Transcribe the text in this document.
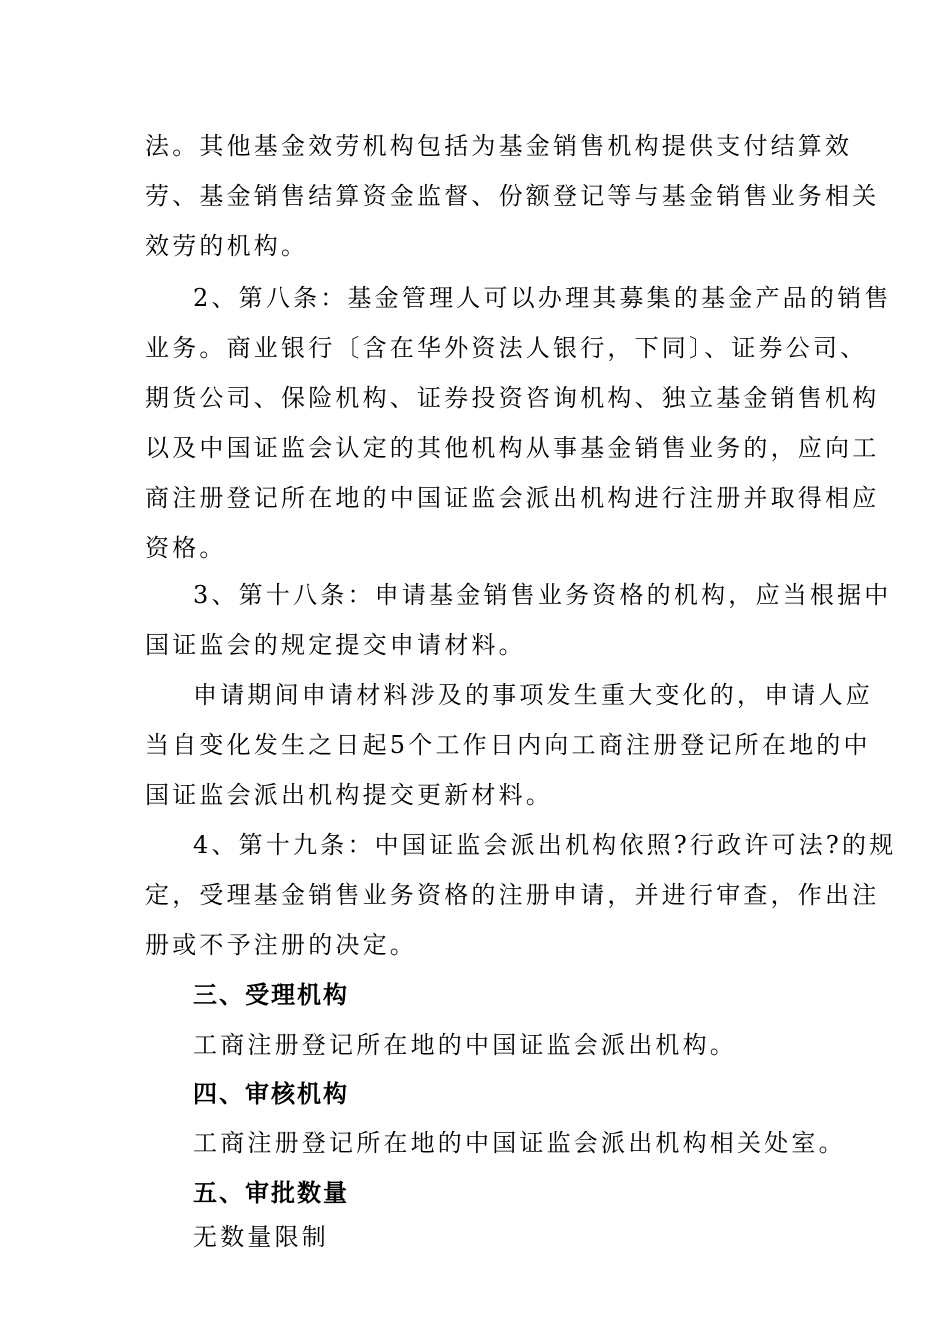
法。其他基金效劳机构包括为基金销售机构提供支付结算效
劳、基金销售结算资金监督、份额登记等与基金销售业务相关
效劳的机构。
2、第八条：基金管理人可以办理其募集的基金产品的销售
业务。商业银行〔含在华外资法人银行，下同〕、证券公司、
期货公司、保险机构、证券投资咨询机构、独立基金销售机构
以及中国证监会认定的其他机构从事基金销售业务的，应向工
商注册登记所在地的中国证监会派出机构进行注册并取得相应
资格。
3、第十八条：申请基金销售业务资格的机构，应当根据中
国证监会的规定提交申请材料。
申请期间申请材料涉及的事项发生重大变化的，申请人应
当自变化发生之日起5个工作日内向工商注册登记所在地的中
国证监会派出机构提交更新材料。
4、第十九条：中国证监会派出机构依照?行政许可法?的规
定，受理基金销售业务资格的注册申请，并进行审查，作出注
册或不予注册的决定。
三、受理机构
工商注册登记所在地的中国证监会派出机构。
四、审核机构
工商注册登记所在地的中国证监会派出机构相关处室。
五、审批数量
无数量限制
